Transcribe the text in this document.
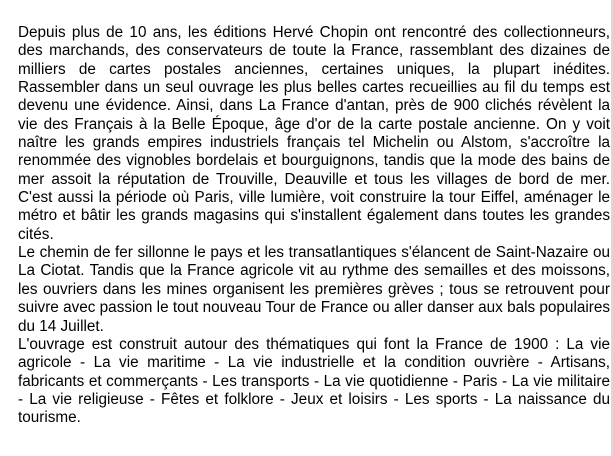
Depuis plus de 10 ans, les éditions Hervé Chopin ont rencontré des collectionneurs, des marchands, des conservateurs de toute la France, rassemblant des dizaines de milliers de cartes postales anciennes, certaines uniques, la plupart inédites. Rassembler dans un seul ouvrage les plus belles cartes recueillies au fil du temps est devenu une évidence. Ainsi, dans La France d'antan, près de 900 clichés révèlent la vie des Français à la Belle Époque, âge d'or de la carte postale ancienne. On y voit naître les grands empires industriels français tel Michelin ou Alstom, s'accroître la renommée des vignobles bordelais et bourguignons, tandis que la mode des bains de mer assoit la réputation de Trouville, Deauville et tous les villages de bord de mer. C'est aussi la période où Paris, ville lumière, voit construire la tour Eiffel, aménager le métro et bâtir les grands magasins qui s'installent également dans toutes les grandes cités.

Le chemin de fer sillonne le pays et les transatlantiques s'élancent de Saint-Nazaire ou La Ciotat. Tandis que la France agricole vit au rythme des semailles et des moissons, les ouvriers dans les mines organisent les premières grèves ; tous se retrouvent pour suivre avec passion le tout nouveau Tour de France ou aller danser aux bals populaires du 14 Juillet.

L'ouvrage est construit autour des thématiques qui font la France de 1900 : La vie agricole - La vie maritime - La vie industrielle et la condition ouvrière - Artisans, fabricants et commerçants - Les transports - La vie quotidienne - Paris - La vie militaire - La vie religieuse - Fêtes et folklore - Jeux et loisirs - Les sports - La naissance du tourisme.
